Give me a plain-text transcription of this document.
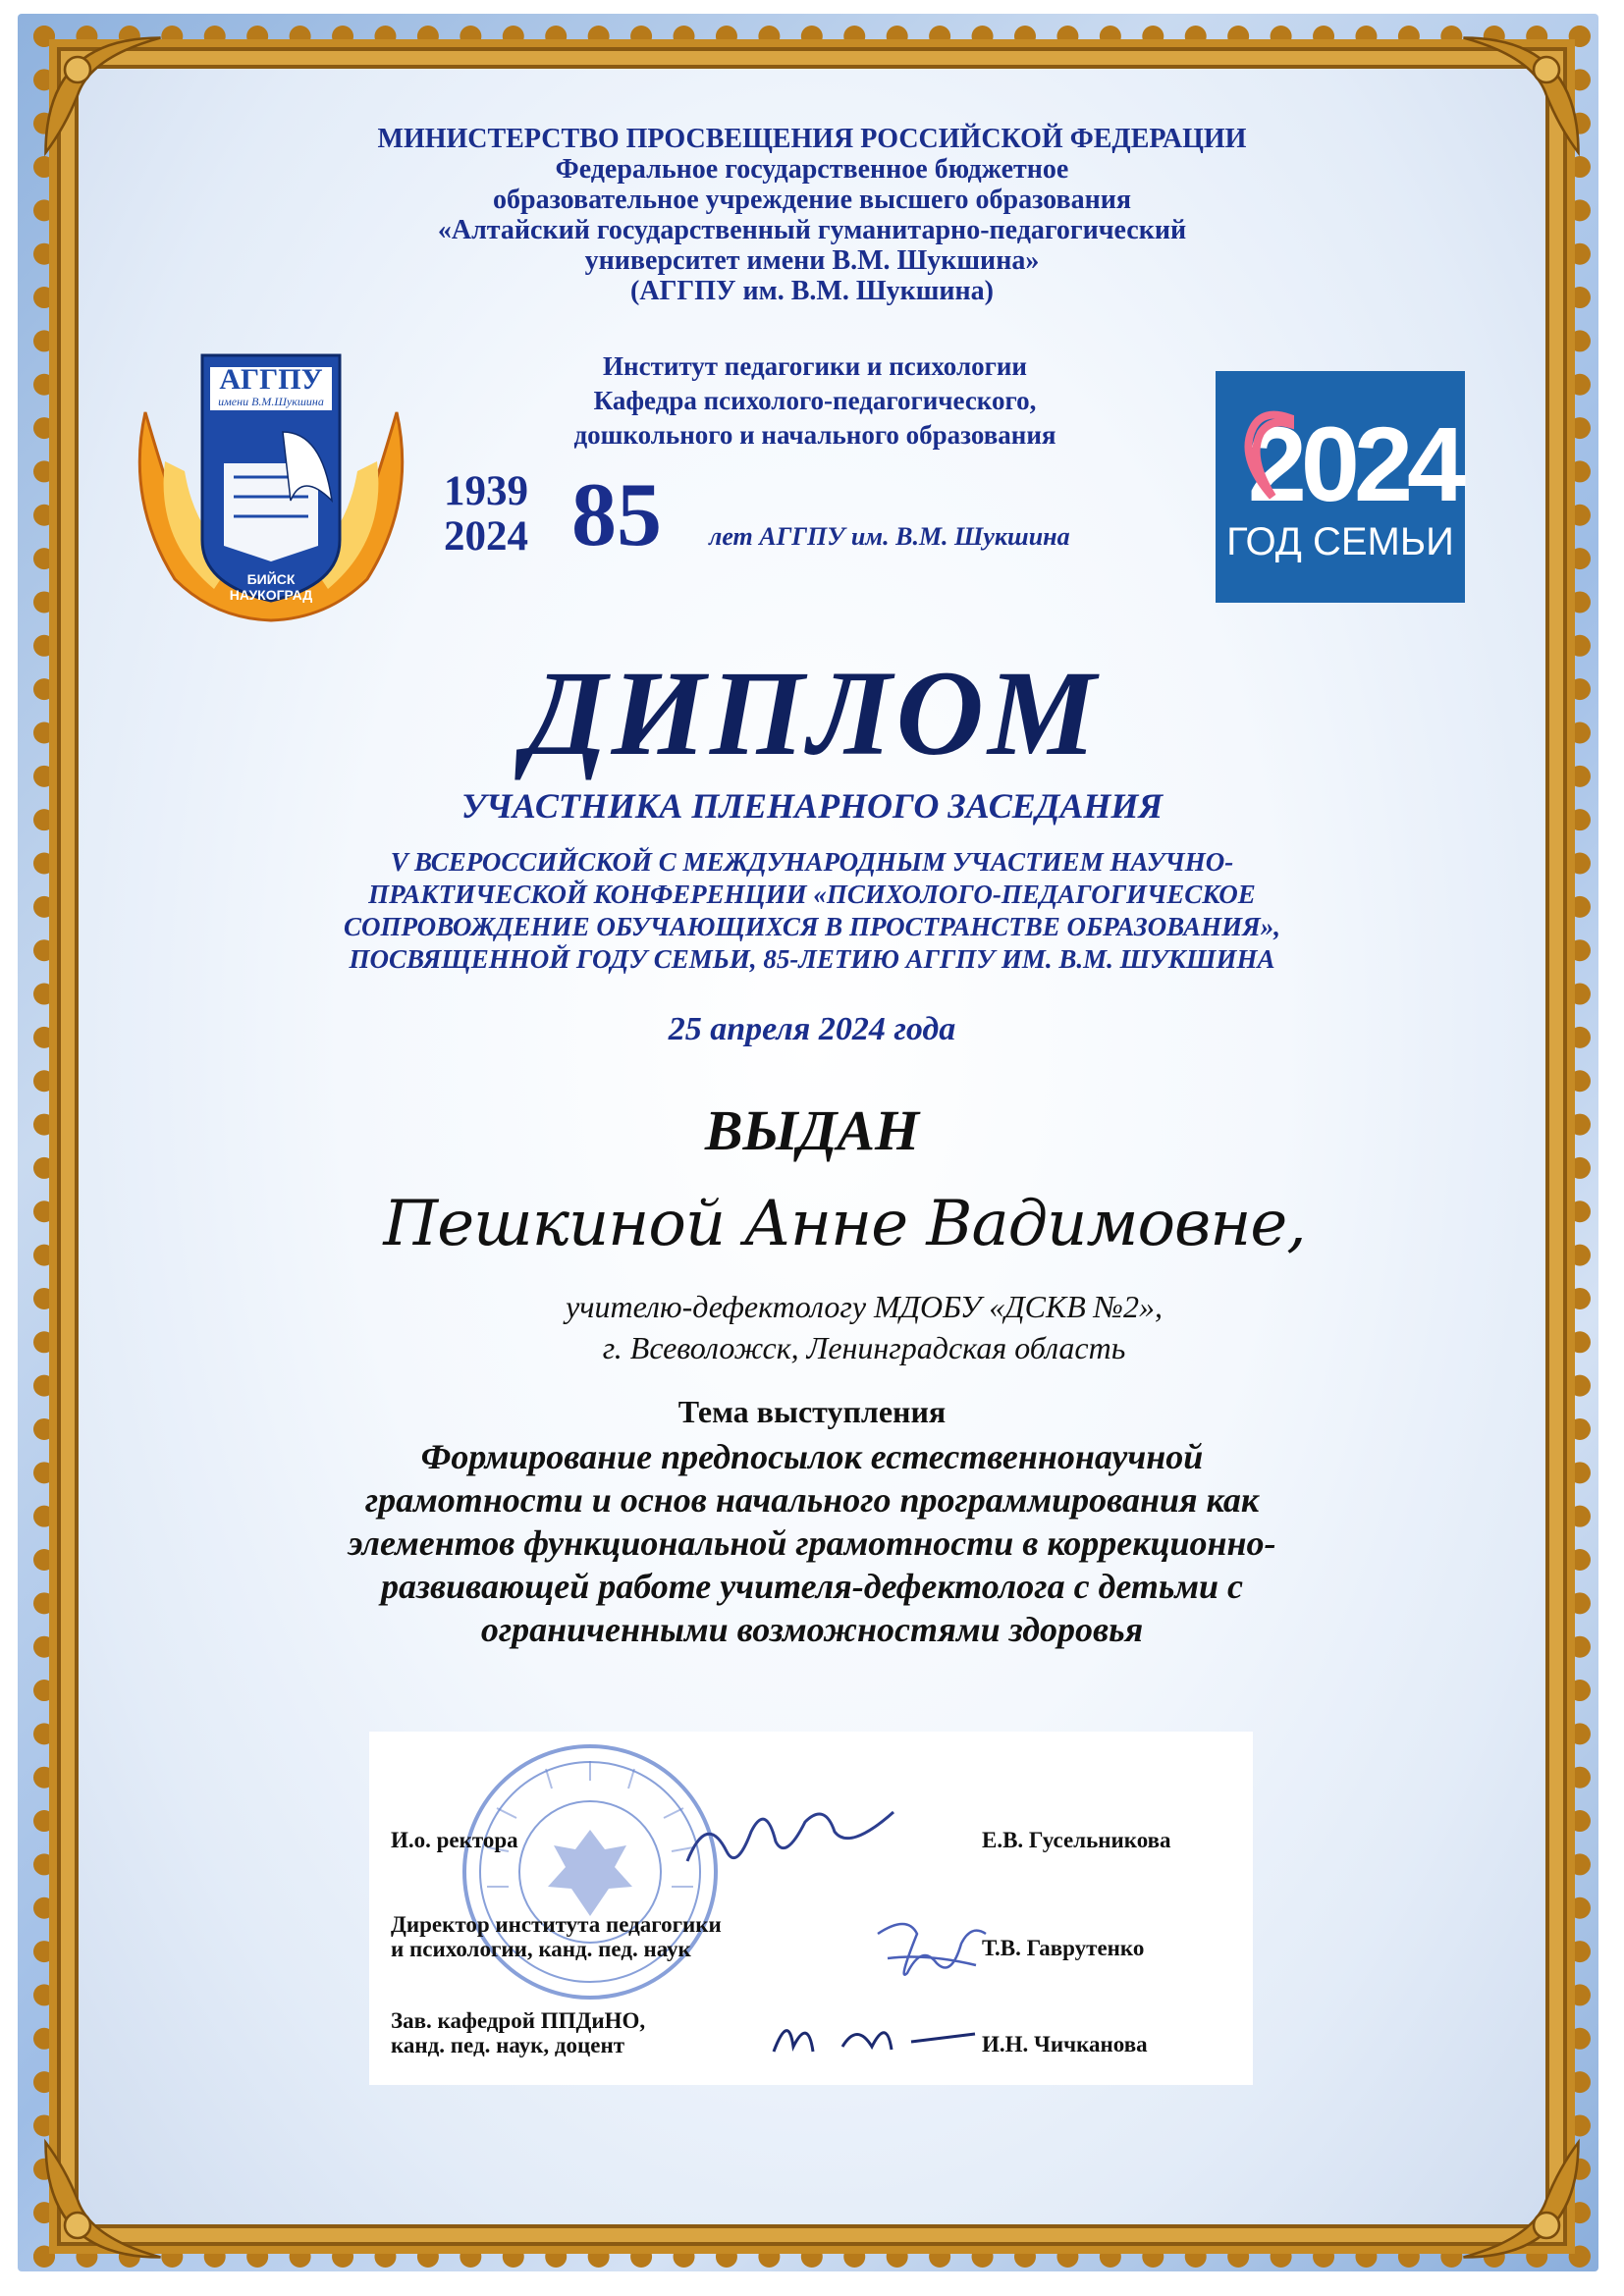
МИНИСТЕРСТВО ПРОСВЕЩЕНИЯ РОССИЙСКОЙ ФЕДЕРАЦИИ
Федеральное государственное бюджетное
образовательное учреждение высшего образования
«Алтайский государственный гуманитарно-педагогический
университет имени В.М. Шукшина»
(АГГПУ им. В.М. Шукшина)
Институт педагогики и психологии
Кафедра психолого-педагогического,
дошкольного и начального образования
АГГПУ
имени В.М.Шукшина
БИЙСК НАУКОГРАД
1939
2024 85 лет АГГПУ им. В.М. Шукшина
2024
ГОД СЕМЬИ
ДИПЛОМ
УЧАСТНИКА ПЛЕНАРНОГО ЗАСЕДАНИЯ
V ВСЕРОССИЙСКОЙ С МЕЖДУНАРОДНЫМ УЧАСТИЕМ НАУЧНО-
ПРАКТИЧЕСКОЙ КОНФЕРЕНЦИИ «ПСИХОЛОГО-ПЕДАГОГИЧЕСКОЕ
СОПРОВОЖДЕНИЕ ОБУЧАЮЩИХСЯ В ПРОСТРАНСТВЕ ОБРАЗОВАНИЯ»,
ПОСВЯЩЕННОЙ ГОДУ СЕМЬИ, 85-ЛЕТИЮ АГГПУ ИМ. В.М. ШУКШИНА
25 апреля 2024 года
ВЫДАН
Пешкиной Анне Вадимовне,
учителю-дефектологу МДОБУ «ДСКВ №2»,
г. Всеволожск, Ленинградская область
Тема выступления
Формирование предпосылок естественнонаучной
грамотности и основ начального программирования как
элементов функциональной грамотности в коррекционно-
развивающей работе учителя-дефектолога с детьми с
ограниченными возможностями здоровья
И.о. ректора	Е.В. Гусельникова
Директор института педагогики
и психологии, канд. пед. наук	Т.В. Гаврутенко
Зав. кафедрой ППДиНО,
канд. пед. наук, доцент	И.Н. Чичканова
